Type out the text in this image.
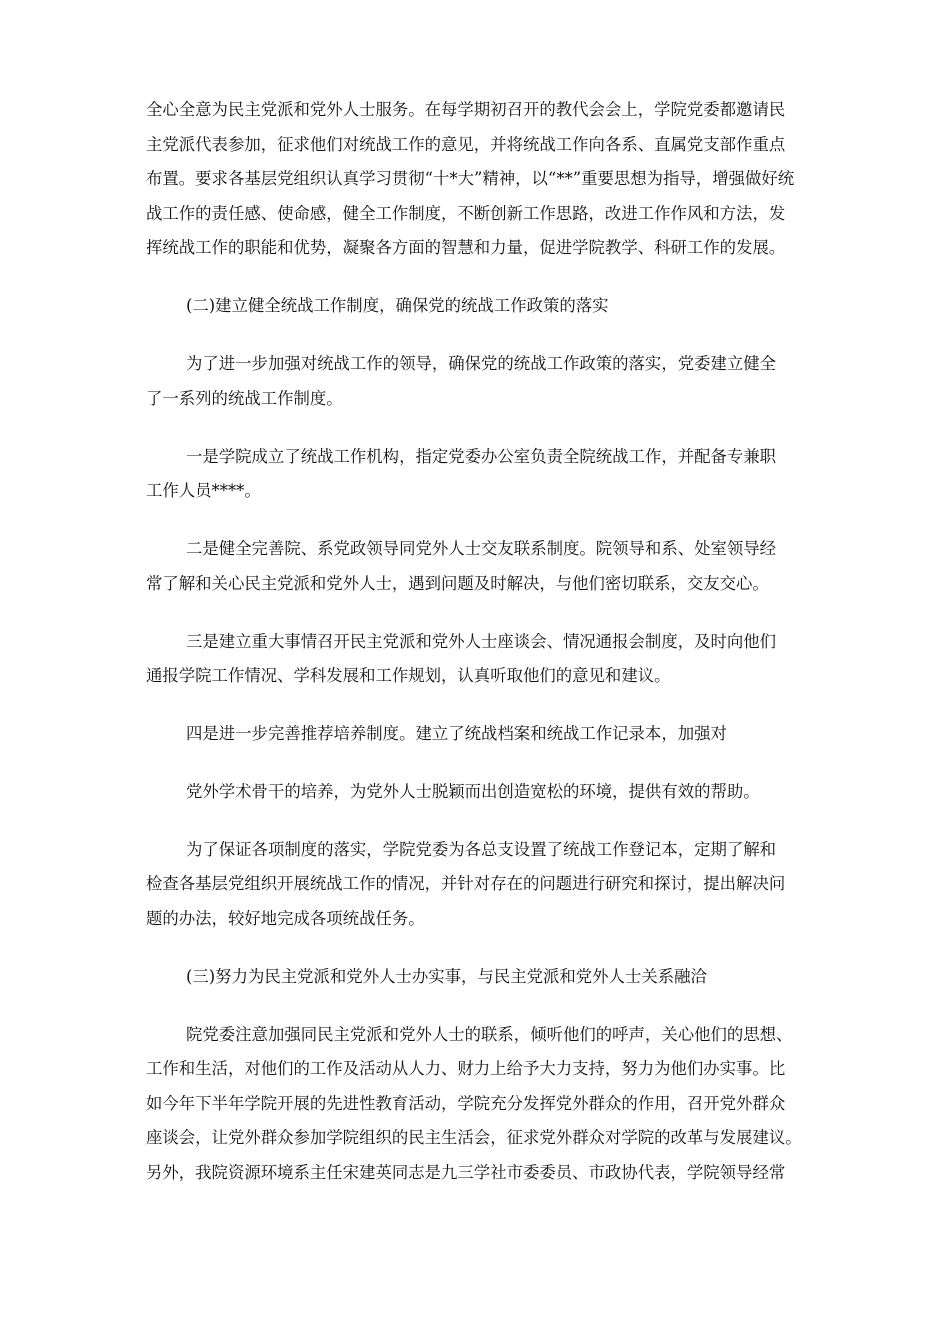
全心全意为民主党派和党外人士服务。在每学期初召开的教代会会上，学院党委都邀请民
主党派代表参加，征求他们对统战工作的意见，并将统战工作向各系、直属党支部作重点
布置。要求各基层党组织认真学习贯彻“十*大”精神，以“**”重要思想为指导，增强做好统
战工作的责任感、使命感，健全工作制度，不断创新工作思路，改进工作作风和方法，发
挥统战工作的职能和优势，凝聚各方面的智慧和力量，促进学院教学、科研工作的发展。
(二)建立健全统战工作制度，确保党的统战工作政策的落实
为了进一步加强对统战工作的领导，确保党的统战工作政策的落实，党委建立健全
了一系列的统战工作制度。
一是学院成立了统战工作机构，指定党委办公室负责全院统战工作，并配备专兼职
工作人员****。
二是健全完善院、系党政领导同党外人士交友联系制度。院领导和系、处室领导经
常了解和关心民主党派和党外人士，遇到问题及时解决，与他们密切联系，交友交心。
三是建立重大事情召开民主党派和党外人士座谈会、情况通报会制度，及时向他们
通报学院工作情况、学科发展和工作规划，认真听取他们的意见和建议。
四是进一步完善推荐培养制度。建立了统战档案和统战工作记录本，加强对
党外学术骨干的培养，为党外人士脱颖而出创造宽松的环境，提供有效的帮助。
为了保证各项制度的落实，学院党委为各总支设置了统战工作登记本，定期了解和
检查各基层党组织开展统战工作的情况，并针对存在的问题进行研究和探讨，提出解决问
题的办法，较好地完成各项统战任务。
(三)努力为民主党派和党外人士办实事，与民主党派和党外人士关系融洽
院党委注意加强同民主党派和党外人士的联系，倾听他们的呼声，关心他们的思想、
工作和生活，对他们的工作及活动从人力、财力上给予大力支持，努力为他们办实事。比
如今年下半年学院开展的先进性教育活动，学院充分发挥党外群众的作用，召开党外群众
座谈会，让党外群众参加学院组织的民主生活会，征求党外群众对学院的改革与发展建议。
另外，我院资源环境系主任宋建英同志是九三学社市委委员、市政协代表，学院领导经常
